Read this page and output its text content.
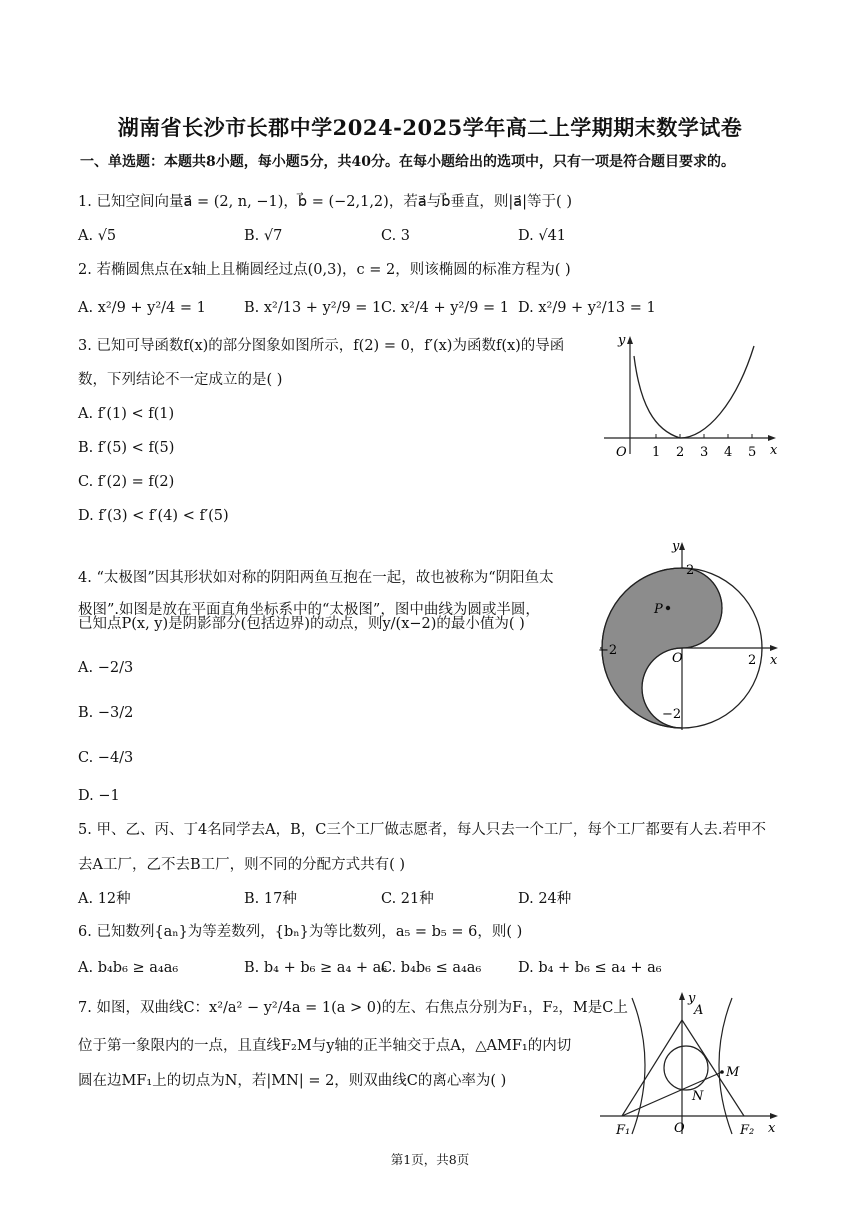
湖南省长沙市长郡中学2024-2025学年高二上学期期末数学试卷
一、单选题：本题共8小题，每小题5分，共40分。在每小题给出的选项中，只有一项是符合题目要求的。
1. 已知空间向量a⃗ = (2, n, −1)，b⃗ = (−2,1,2)，若a⃗与b⃗垂直，则|a⃗|等于( )
A. √5	B. √7	C. 3	D. √41
2. 若椭圆焦点在x轴上且椭圆经过点(0,3)，c = 2，则该椭圆的标准方程为( )
A. x²/9 + y²/4 = 1	B. x²/13 + y²/9 = 1 C. x²/4 + y²/9 = 1 D. x²/9 + y²/13 = 1
3. 已知可导函数f(x)的部分图象如图所示，f(2) = 0，f′(x)为函数f(x)的导函
数，下列结论不一定成立的是( )
A. f′(1) < f(1)
B. f′(5) < f(5)
C. f′(2) = f(2)
D. f′(3) < f′(4) < f′(5)
y
x
O 1 2 3 4 5
4. “太极图”因其形状如对称的阴阳两鱼互抱在一起，故也被称为“阴阳鱼太
极图”.如图是放在平面直角坐标系中的“太极图”，图中曲线为圆或半圆，
已知点P(x, y)是阴影部分(包括边界)的动点，则y/(x−2)的最小值为( )
A. −2/3
B. −3/2
C. −4/3
D. −1
P
y
x
O
2
−2
−2
2
5. 甲、乙、丙、丁4名同学去A，B，C三个工厂做志愿者，每人只去一个工厂，每个工厂都要有人去.若甲不
去A工厂，乙不去B工厂，则不同的分配方式共有( )
A. 12种	B. 17种	C. 21种	D. 24种
6. 已知数列{aₙ}为等差数列，{bₙ}为等比数列，a₅ = b₅ = 6，则( )
A. b₄b₆ ≥ a₄a₆	B. b₄ + b₆ ≥ a₄ + a₆
C. b₄b₆ ≤ a₄a₆	D. b₄ + b₆ ≤ a₄ + a₆
7. 如图，双曲线C：x²/a² − y²/4a = 1(a > 0)的左、右焦点分别为F₁，F₂，M是C上
位于第一象限内的一点，且直线F₂M与y轴的正半轴交于点A，△AMF₁的内切
圆在边MF₁上的切点为N，若|MN| = 2，则双曲线C的离心率为( )
A
M
N
F₁	F₂
O
y
x
第1页，共8页
